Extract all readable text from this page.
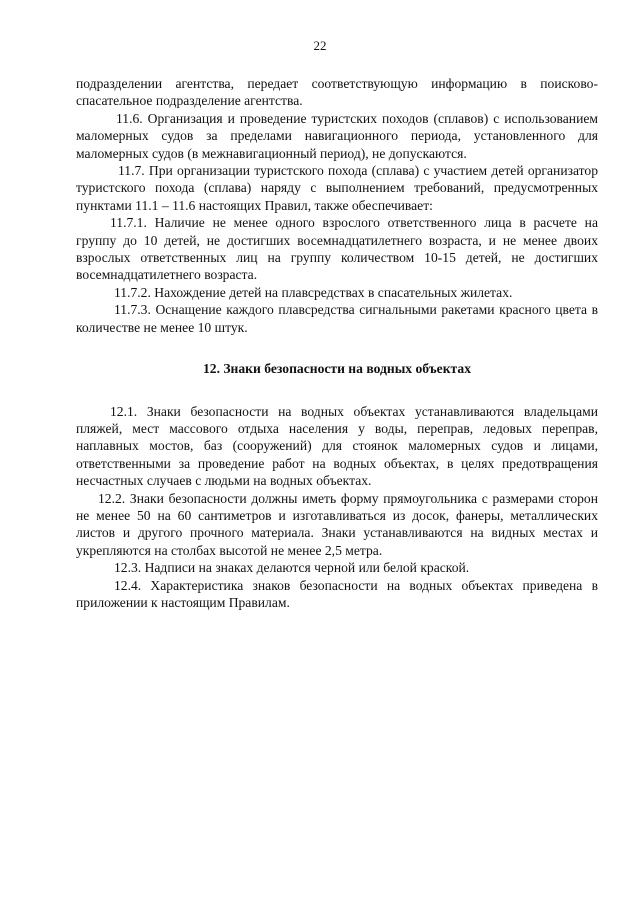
22

подразделении агентства, передает соответствующую информацию в поисково-спасательное подразделение агентства.

11.6. Организация и проведение туристских походов (сплавов) с использованием маломерных судов за пределами навигационного периода, установленного для маломерных судов (в межнавигационный период), не допускаются.

11.7. При организации туристского похода (сплава) с участием детей организатор туристского похода (сплава) наряду с выполнением требований, предусмотренных пунктами 11.1 – 11.6 настоящих Правил, также обеспечивает:

11.7.1. Наличие не менее одного взрослого ответственного лица в расчете на группу до 10 детей, не достигших восемнадцатилетнего возраста, и не менее двоих взрослых ответственных лиц на группу количеством 10-15 детей, не достигших восемнадцатилетнего возраста.

11.7.2. Нахождение детей на плавсредствах в спасательных жилетах.

11.7.3. Оснащение каждого плавсредства сигнальными ракетами красного цвета в количестве не менее 10 штук.

12. Знаки безопасности на водных объектах

12.1. Знаки безопасности на водных объектах устанавливаются владельцами пляжей, мест массового отдыха населения у воды, переправ, ледовых переправ, наплавных мостов, баз (сооружений) для стоянок маломерных судов и лицами, ответственными за проведение работ на водных объектах, в целях предотвращения несчастных случаев с людьми на водных объектах.

12.2. Знаки безопасности должны иметь форму прямоугольника с размерами сторон не менее 50 на 60 сантиметров и изготавливаться из досок, фанеры, металлических листов и другого прочного материала. Знаки устанавливаются на видных местах и укрепляются на столбах высотой не менее 2,5 метра.

12.3. Надписи на знаках делаются черной или белой краской.

12.4. Характеристика знаков безопасности на водных объектах приведена в приложении к настоящим Правилам.
